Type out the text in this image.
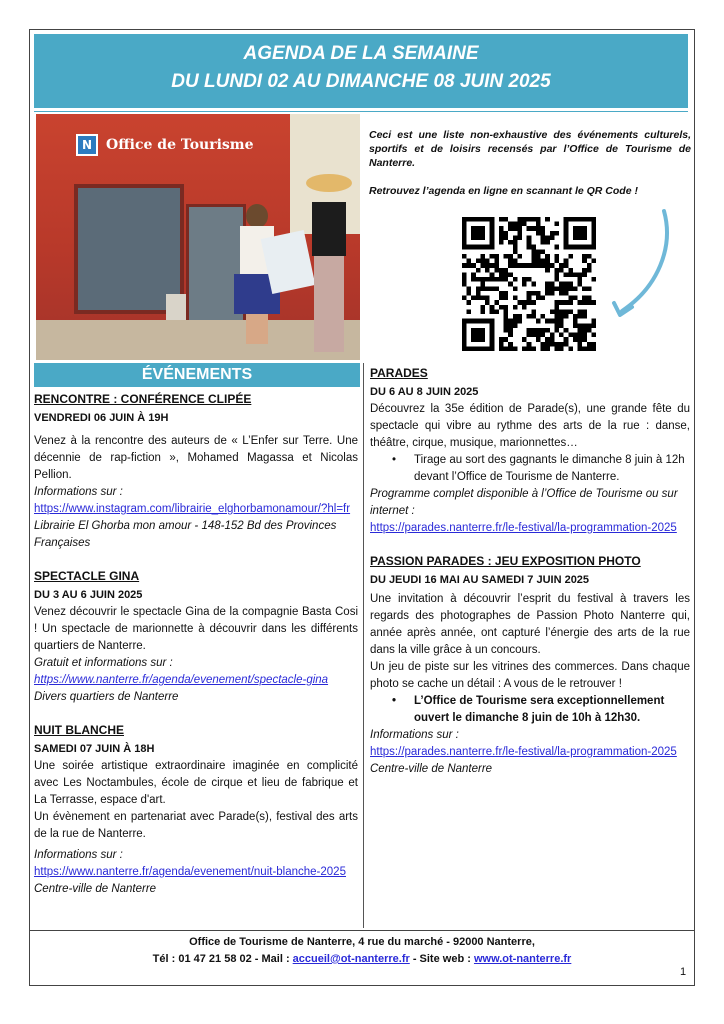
AGENDA DE LA SEMAINE
DU LUNDI 02 AU DIMANCHE 08 JUIN 2025
N Office de Tourisme

Ceci est une liste non-exhaustive des événements culturels, sportifs et de loisirs recensés par l’Office de Tourisme de Nanterre.

Retrouvez l’agenda en ligne en scannant le QR Code !

ÉVÉNEMENTS
RENCONTRE : CONFÉRENCE CLIPÉE
VENDREDI 06 JUIN À 19H
Venez à la rencontre des auteurs de « L’Enfer sur Terre. Une décennie de rap-fiction », Mohamed Magassa et Nicolas Pellion.
Informations sur :
https://www.instagram.com/librairie_elghorbamonamour/?hl=fr
Librairie El Ghorba mon amour - 148-152 Bd des Provinces Françaises
SPECTACLE GINA
DU 3 AU 6 JUIN 2025
Venez découvrir le spectacle Gina de la compagnie Basta Cosi ! Un spectacle de marionnette à découvrir dans les différents quartiers de Nanterre.
Gratuit et informations sur :
https://www.nanterre.fr/agenda/evenement/spectacle-gina
Divers quartiers de Nanterre
NUIT BLANCHE
SAMEDI 07 JUIN À 18H
Une soirée artistique extraordinaire imaginée en complicité avec Les Noctambules, école de cirque et lieu de fabrique et La Terrasse, espace d'art.
Un évènement en partenariat avec Parade(s), festival des arts de la rue de Nanterre.
Informations sur :
https://www.nanterre.fr/agenda/evenement/nuit-blanche-2025
Centre-ville de Nanterre
PARADES
DU 6 AU 8 JUIN 2025
Découvrez la 35e édition de Parade(s), une grande fête du spectacle qui vibre au rythme des arts de la rue : danse, théâtre, cirque, musique, marionnettes…
• Tirage au sort des gagnants le dimanche 8 juin à 12h devant l’Office de Tourisme de Nanterre.
Programme complet disponible à l’Office de Tourisme ou sur internet :
https://parades.nanterre.fr/le-festival/la-programmation-2025
PASSION PARADES : JEU EXPOSITION PHOTO
DU JEUDI 16 MAI AU SAMEDI 7 JUIN 2025
Une invitation à découvrir l’esprit du festival à travers les regards des photographes de Passion Photo Nanterre qui, année après année, ont capturé l’énergie des arts de la rue dans la ville grâce à un concours.
Un jeu de piste sur les vitrines des commerces. Dans chaque photo se cache un détail : A vous de le retrouver !
• L’Office de Tourisme sera exceptionnellement ouvert le dimanche 8 juin de 10h à 12h30.
Informations sur :
https://parades.nanterre.fr/le-festival/la-programmation-2025
Centre-ville de Nanterre
Office de Tourisme de Nanterre, 4 rue du marché - 92000 Nanterre,
Tél : 01 47 21 58 02 - Mail : accueil@ot-nanterre.fr - Site web : www.ot-nanterre.fr
1
